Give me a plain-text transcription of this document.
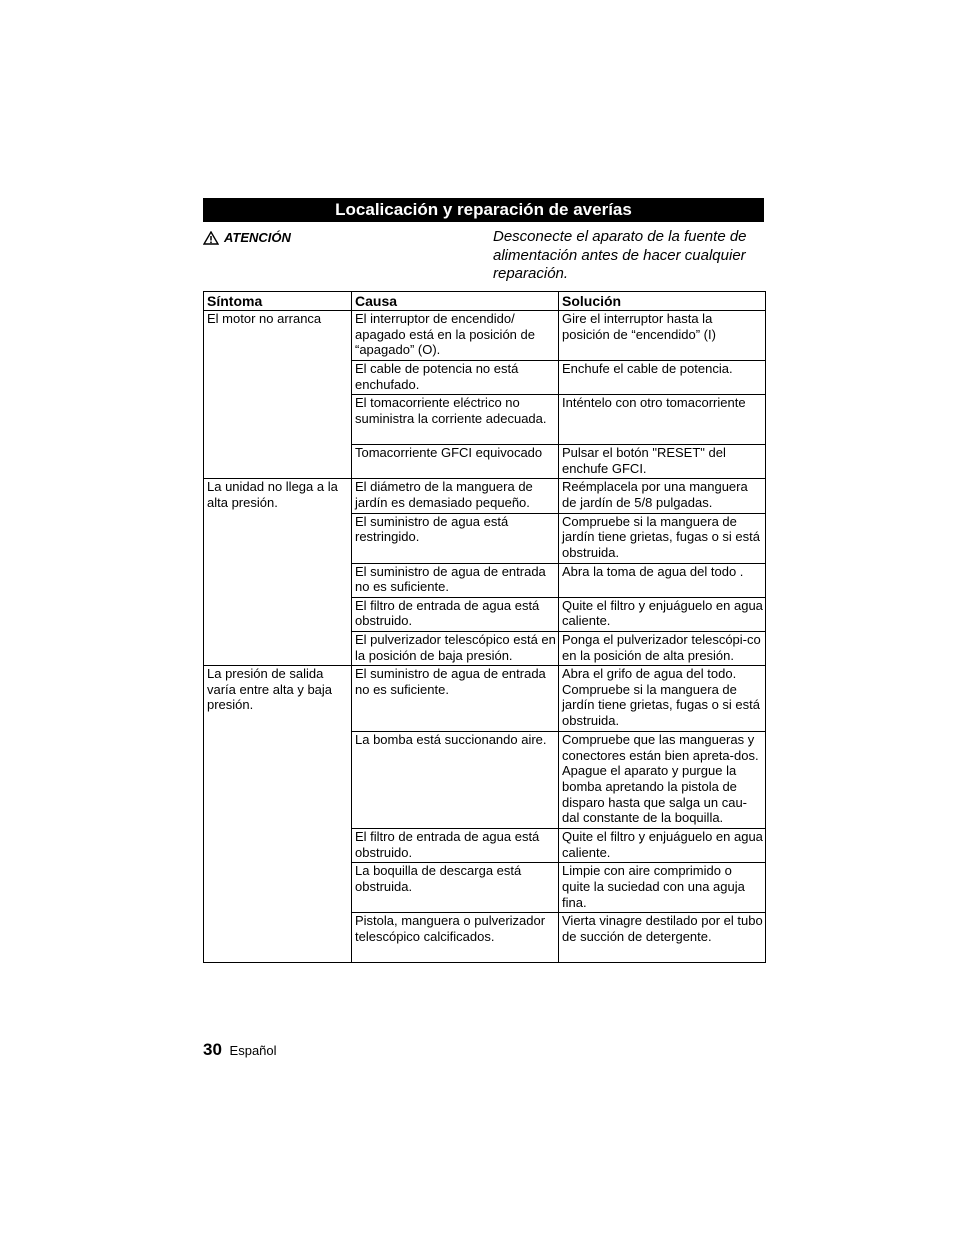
Localicación y reparación de averías
ATENCIÓN	Desconecte el aparato de la fuente de alimentación antes de hacer cualquier reparación.
Síntoma	Causa	Solución
El motor no arranca	El interruptor de encendido/ apagado está en la posición de “apagado” (O).	Gire el interruptor hasta la posición de “encendido” (I)
	El cable de potencia no está enchufado.	Enchufe el cable de potencia.
	El tomacorriente eléctrico no suministra la corriente adecuada.	Inténtelo con otro tomacorriente
	Tomacorriente GFCI equivocado	Pulsar el botón "RESET" del enchufe GFCI.
La unidad no llega a la alta presión.	El diámetro de la manguera de jardín es demasiado pequeño.	Reémplacela por una manguera de jardín de 5/8 pulgadas.
	El suministro de agua está restringido.	Compruebe si la manguera de jardín tiene grietas, fugas o si está obstruida.
	El suministro de agua de entrada no es suficiente.	Abra la toma de agua del todo .
	El filtro de entrada de agua está obstruido.	Quite el filtro y enjuáguelo en agua caliente.
	El pulverizador telescópico está en la posición de baja presión.	Ponga el pulverizador telescópi-co en la posición de alta presión.
La presión de salida varía entre alta y baja presión.	El suministro de agua de entrada no es suficiente.	Abra el grifo de agua del todo. Compruebe si la manguera de jardín tiene grietas, fugas o si está obstruida.
	La bomba está succionando aire.	Compruebe que las mangueras y conectores están bien apreta-dos. Apague el aparato y purgue la bomba apretando la pistola de disparo hasta que salga un cau-dal constante de la boquilla.
	El filtro de entrada de agua está obstruido.	Quite el filtro y enjuáguelo en agua caliente.
	La boquilla de descarga está obstruida.	Limpie con aire comprimido o quite la suciedad con una aguja fina.
	Pistola, manguera o pulverizador telescópico calcificados.	Vierta vinagre destilado por el tubo de succión de detergente.
30 Español
